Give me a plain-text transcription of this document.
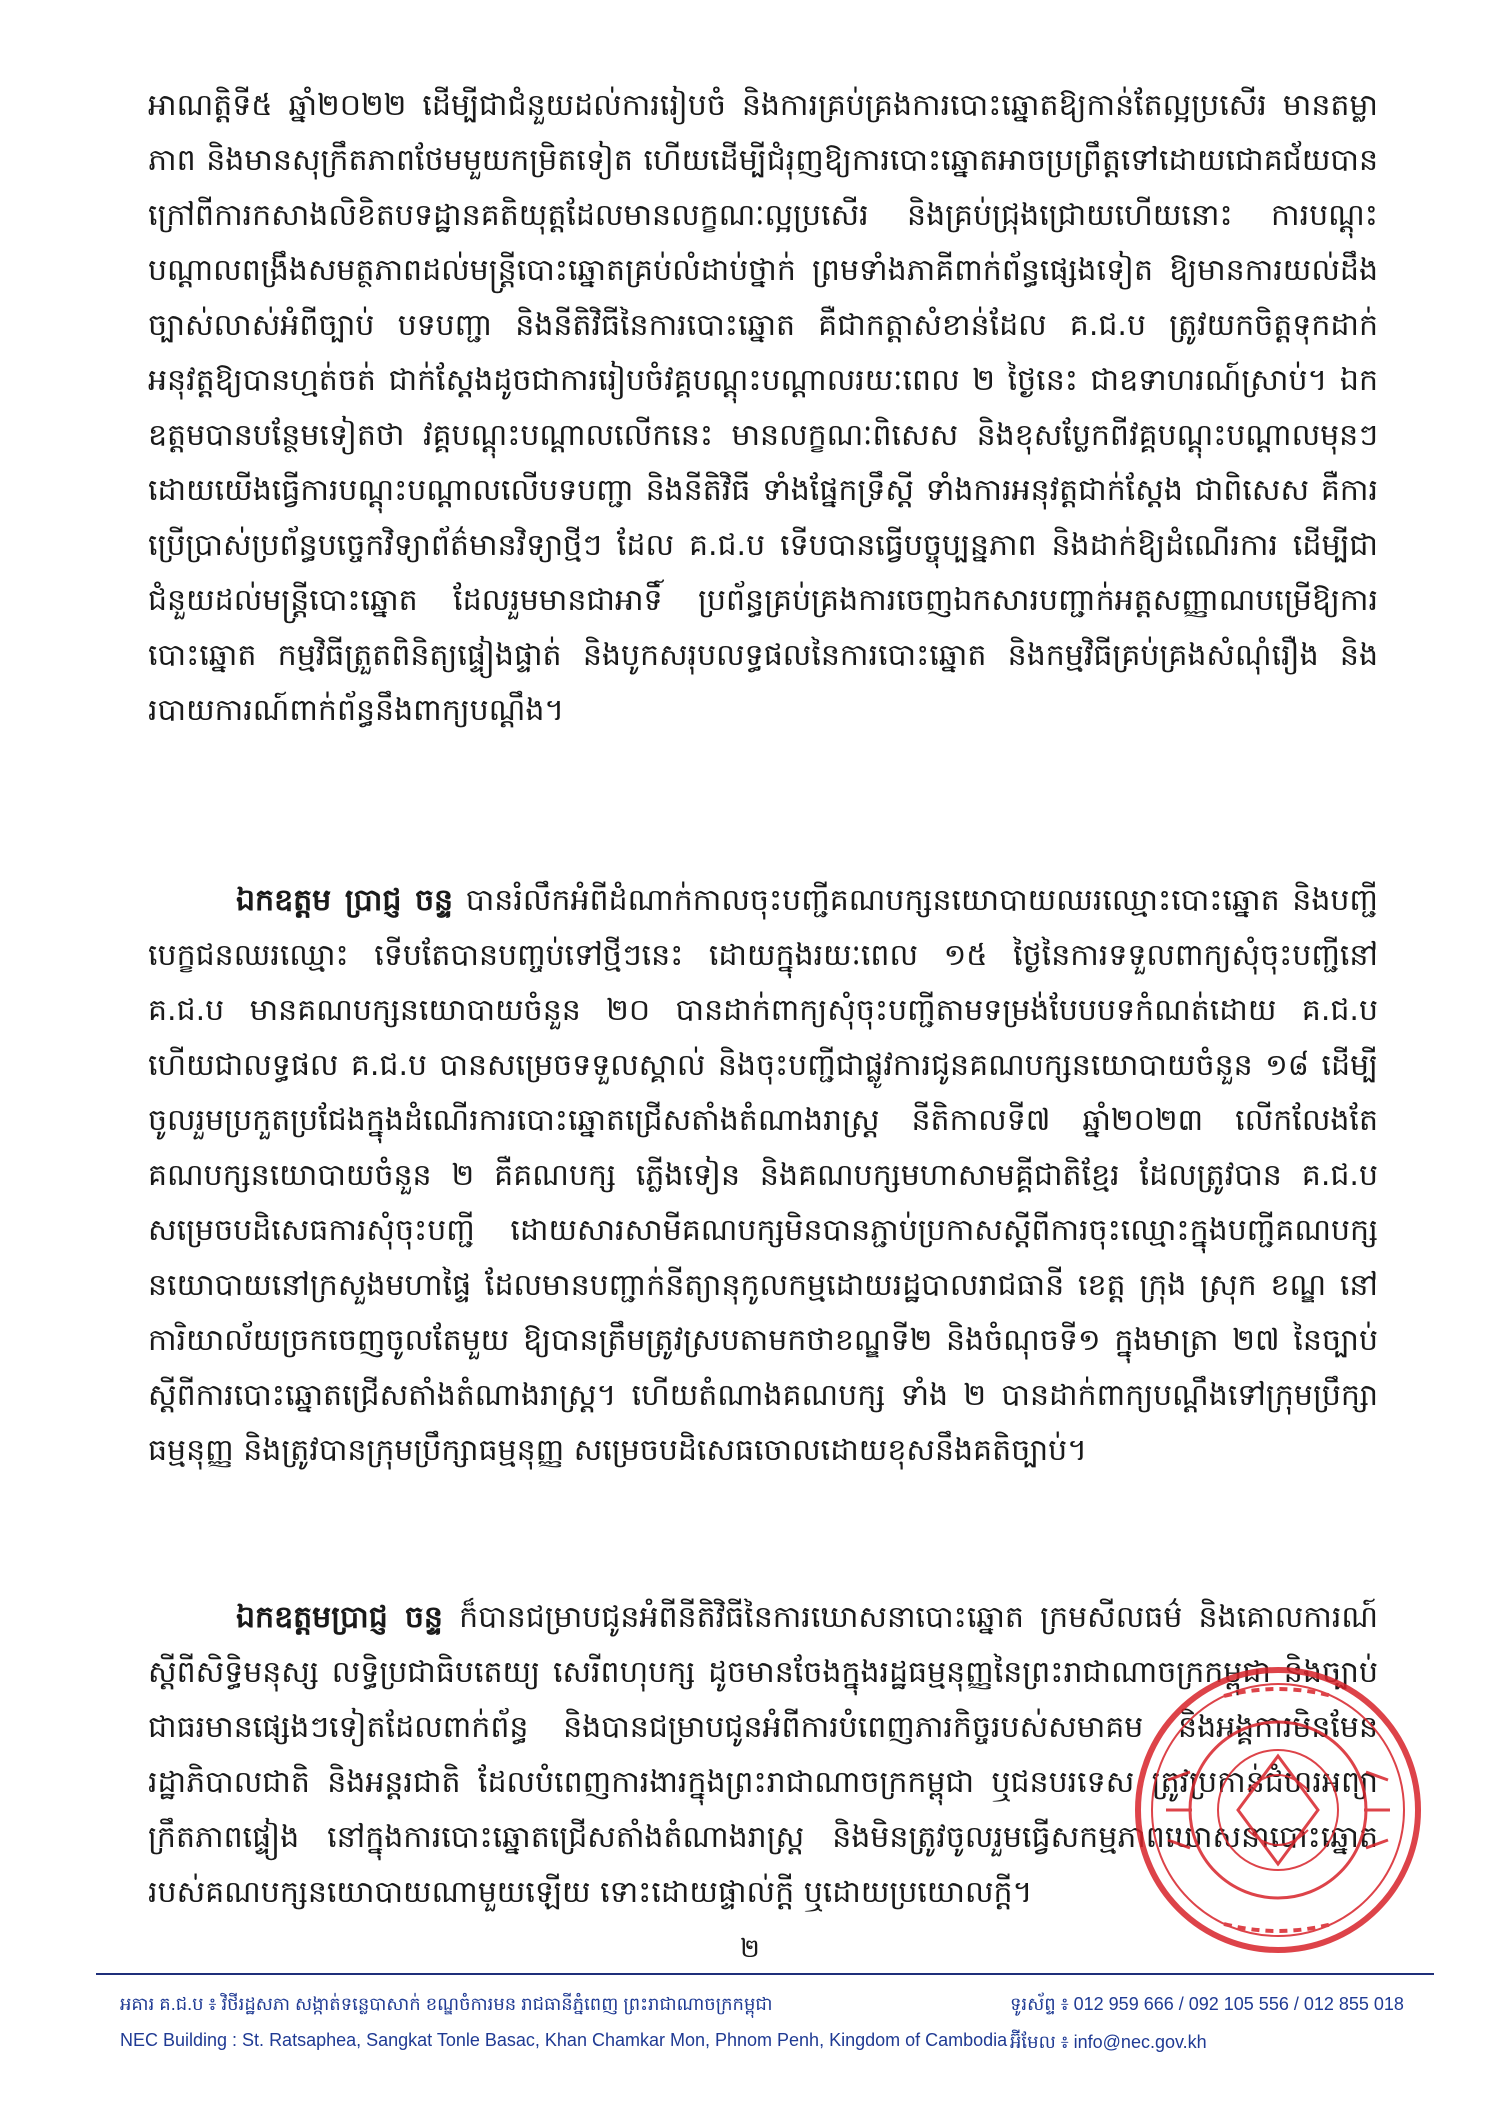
អាណត្តិទី៥ ឆ្នាំ២០២២ ដើម្បីជាជំនួយដល់ការរៀបចំ និងការគ្រប់គ្រងការបោះឆ្នោតឱ្យកាន់តែល្អប្រសើរ មានតម្លាភាព និងមានសុក្រឹតភាពថែមមួយកម្រិតទៀត ហើយដើម្បីជំរុញឱ្យការបោះឆ្នោតអាចប្រព្រឹត្តទៅដោយជោគជ័យបាន ក្រៅពីការកសាងលិខិតបទដ្ឋានគតិយុត្តដែលមានលក្ខណៈល្អប្រសើរ និងគ្រប់ជ្រុងជ្រោយហើយនោះ ការបណ្តុះបណ្តាលពង្រឹងសមត្ថភាពដល់មន្ត្រីបោះឆ្នោតគ្រប់លំដាប់ថ្នាក់ ព្រមទាំងភាគីពាក់ព័ន្ធផ្សេងទៀត ឱ្យមានការយល់ដឹងច្បាស់លាស់អំពីច្បាប់ បទបញ្ជា និងនីតិវិធីនៃការបោះឆ្នោត គឺជាកត្តាសំខាន់ដែល គ.ជ.ប ត្រូវយកចិត្តទុកដាក់អនុវត្តឱ្យបានហ្មត់ចត់ ជាក់ស្តែងដូចជាការរៀបចំវគ្គបណ្តុះបណ្តាលរយៈពេល ២ ថ្ងៃនេះ ជាឧទាហរណ៍ស្រាប់។ ឯកឧត្តមបានបន្ថែមទៀតថា វគ្គបណ្តុះបណ្តាលលើកនេះ មានលក្ខណៈពិសេស និងខុសប្លែកពីវគ្គបណ្តុះបណ្តាលមុនៗ ដោយយើងធ្វើការបណ្តុះបណ្តាលលើបទបញ្ជា និងនីតិវិធី ទាំងផ្នែកទ្រឹស្តី ទាំងការអនុវត្តជាក់ស្តែង ជាពិសេស គឺការប្រើប្រាស់ប្រព័ន្ធបច្ចេកវិទ្យាព័ត៌មានវិទ្យាថ្មីៗ ដែល គ.ជ.ប ទើបបានធ្វើបច្ចុប្បន្នភាព និងដាក់ឱ្យដំណើរការ ដើម្បីជាជំនួយដល់មន្ត្រីបោះឆ្នោត ដែលរួមមានជាអាទិ៍ ប្រព័ន្ធគ្រប់គ្រងការចេញឯកសារបញ្ជាក់អត្តសញ្ញាណបម្រើឱ្យការបោះឆ្នោត កម្មវិធីត្រួតពិនិត្យផ្ទៀងផ្ទាត់ និងបូកសរុបលទ្ធផលនៃការបោះឆ្នោត និងកម្មវិធីគ្រប់គ្រងសំណុំរឿង និងរបាយការណ៍ពាក់ព័ន្ធនឹងពាក្យបណ្តឹង។

ឯកឧត្តម ប្រាជ្ញ ចន្ទ បានរំលឹកអំពីដំណាក់កាលចុះបញ្ជីគណបក្សនយោបាយឈរឈ្មោះបោះឆ្នោត និងបញ្ជីបេក្ខជនឈរឈ្មោះ ទើបតែបានបញ្ចប់ទៅថ្មីៗនេះ ដោយក្នុងរយៈពេល ១៥ ថ្ងៃនៃការទទួលពាក្យសុំចុះបញ្ជីនៅ គ.ជ.ប មានគណបក្សនយោបាយចំនួន ២០ បានដាក់ពាក្យសុំចុះបញ្ជីតាមទម្រង់បែបបទកំណត់ដោយ គ.ជ.ប ហើយជាលទ្ធផល គ.ជ.ប បានសម្រេចទទួលស្គាល់ និងចុះបញ្ជីជាផ្លូវការជូនគណបក្សនយោបាយចំនួន ១៨ ដើម្បីចូលរួមប្រកួតប្រជែងក្នុងដំណើរការបោះឆ្នោតជ្រើសតាំងតំណាងរាស្ត្រ នីតិកាលទី៧ ឆ្នាំ២០២៣ លើកលែងតែគណបក្សនយោបាយចំនួន ២ គឺគណបក្ស ភ្លើងទៀន និងគណបក្សមហាសាមគ្គីជាតិខ្មែរ ដែលត្រូវបាន គ.ជ.ប សម្រេចបដិសេធការសុំចុះបញ្ជី ដោយសារសាមីគណបក្សមិនបានភ្ជាប់ប្រកាសស្តីពីការចុះឈ្មោះក្នុងបញ្ជីគណបក្សនយោបាយនៅក្រសួងមហាផ្ទៃ ដែលមានបញ្ជាក់នីត្យានុកូលកម្មដោយរដ្ឋបាលរាជធានី ខេត្ត ក្រុង ស្រុក ខណ្ឌ នៅការិយាល័យច្រកចេញចូលតែមួយ ឱ្យបានត្រឹមត្រូវស្របតាមកថាខណ្ឌទី២ និងចំណុចទី១ ក្នុងមាត្រា ២៧ នៃច្បាប់ស្តីពីការបោះឆ្នោតជ្រើសតាំងតំណាងរាស្ត្រ។ ហើយតំណាងគណបក្ស ទាំង ២ បានដាក់ពាក្យបណ្តឹងទៅក្រុមប្រឹក្សាធម្មនុញ្ញ និងត្រូវបានក្រុមប្រឹក្សាធម្មនុញ្ញ សម្រេចបដិសេធចោលដោយខុសនឹងគតិច្បាប់។

ឯកឧត្តមប្រាជ្ញ ចន្ទ ក៏បានជម្រាបជូនអំពីនីតិវិធីនៃការឃោសនាបោះឆ្នោត ក្រមសីលធម៌ និងគោលការណ៍ស្តីពីសិទ្ធិមនុស្ស លទ្ធិប្រជាធិបតេយ្យ សេរីពហុបក្ស ដូចមានចែងក្នុងរដ្ឋធម្មនុញ្ញនៃព្រះរាជាណាចក្រកម្ពុជា និងច្បាប់ជាធរមានផ្សេងៗទៀតដែលពាក់ព័ន្ធ និងបានជម្រាបជូនអំពីការបំពេញភារកិច្ចរបស់សមាគម និងអង្គការមិនមែនរដ្ឋាភិបាលជាតិ និងអន្តរជាតិ ដែលបំពេញការងារក្នុងព្រះរាជាណាចក្រកម្ពុជា ឬជនបរទេស ត្រូវប្រកាន់ជំហរអព្យាក្រឹតភាពផ្ទៀង នៅក្នុងការបោះឆ្នោតជ្រើសតាំងតំណាងរាស្ត្រ និងមិនត្រូវចូលរួមធ្វើសកម្មភាពឃោសនាបោះឆ្នោតរបស់គណបក្សនយោបាយណាមួយឡើយ ទោះដោយផ្ទាល់ក្តី ឬដោយប្រយោលក្តី។

២
អគារ គ.ជ.ប ៖ វិថីរដ្ឋសភា សង្កាត់ទន្លេបាសាក់ ខណ្ឌចំការមន រាជធានីភ្នំពេញ ព្រះរាជាណាចក្រកម្ពុជា	ទូរស័ព្ទ ៖ 012 959 666 / 092 105 556 / 012 855 018
NEC Building : St. Ratsaphea, Sangkat Tonle Basac, Khan Chamkar Mon, Phnom Penh, Kingdom of Cambodia អ៊ីមែល ៖ info@nec.gov.kh
